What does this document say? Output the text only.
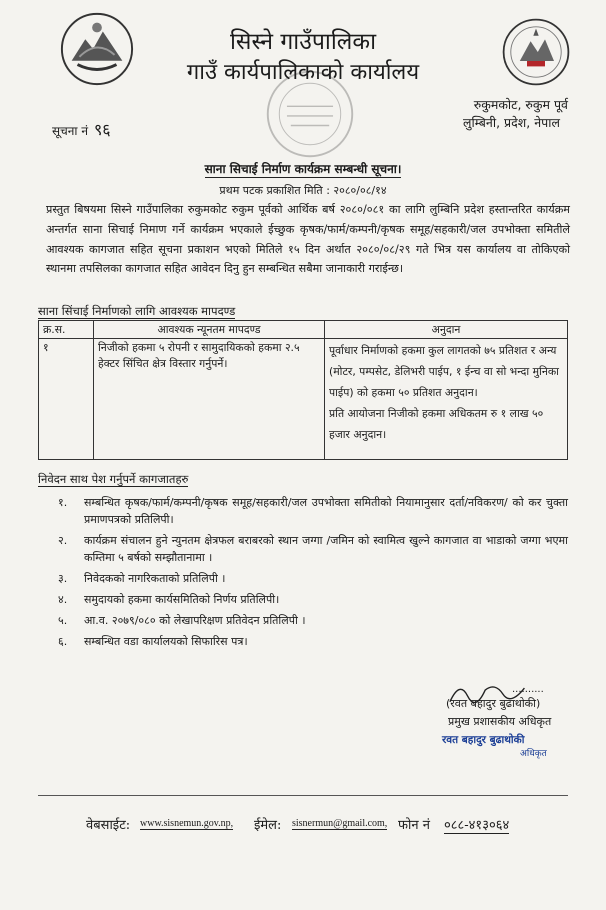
सिस्ने गाउँपालिका
गाउँ कार्यपालिकाको कार्यालय
रुकुमकोट, रुकुम पूर्व
लुम्बिनी, प्रदेश, नेपाल
सूचना नं ९६
साना सिचाई निर्माण कार्यक्रम सम्बन्धी सूचना।
प्रथम पटक प्रकाशित मिति : २०८०/०८/१४
प्रस्तुत बिषयमा सिस्ने गाउँपालिका रुकुमकोट रुकुम पूर्वको आर्थिक बर्ष २०८०/०८१ का लागि लुम्बिनि प्रदेश हस्तान्तरित कार्यक्रम अन्तर्गत साना सिचाई निमाण गर्ने कार्यक्रम भएकाले ईच्छुक कृषक/फार्म/कम्पनी/कृषक समूह/सहकारी/जल उपभोक्ता समितीले आवश्यक कागजात सहित सूचना प्रकाशन भएको मितिले १५ दिन अर्थात २०८०/०८/२९ गते भित्र यस कार्यालय वा तोकिएको स्थानमा तपसिलका कागजात सहित आवेदन दिनु हुन सम्बन्धित सबैमा जानाकारी गराईन्छ।
साना सिंचाई निर्माणको लागि आवश्यक मापदण्ड
क्र.स.	आवश्यक न्यूनतम मापदण्ड	अनुदान
१	निजीको हकमा ५ रोपनी र सामुदायिकको हकमा २.५ हेक्टर सिंचित क्षेत्र विस्तार गर्नुपर्ने।	पूर्वाधार निर्माणको हकमा कुल लागतको ७५ प्रतिशत र अन्य (मोटर, पम्पसेट, डेलिभरी पाईप, १ ईन्च वा सो भन्दा मुनिका पाईप) को हकमा ५० प्रतिशत अनुदान।
प्रति आयोजना निजीको हकमा अधिकतम रु १ लाख ५० हजार अनुदान।
निवेदन साथ पेश गर्नुपर्ने कागजातहरु
१.	सम्बन्धित कृषक/फार्म/कम्पनी/कृषक समूह/सहकारी/जल उपभोक्ता समितीको नियामानुसार दर्ता/नविकरण/ को कर चुक्ता प्रमाणपत्रको प्रतिलिपी।
२.	कार्यक्रम संचालन हुने न्युनतम क्षेत्रफल बराबरको स्थान जग्गा /जमिन को स्वामित्व खुल्ने कागजात वा भाडाको जग्गा भएमा कम्तिमा ५ बर्षको सम्झौतानामा ।
३.	निवेदकको नागरिकताको प्रतिलिपी ।
४.	समुदायको हकमा कार्यसमितिको निर्णय प्रतिलिपी।
५.	आ.व. २०७९/०८० को लेखापरिक्षण प्रतिवेदन प्रतिलिपी ।
६.	सम्बन्धित वडा कार्यालयको सिफारिस पत्र।
..........
(रवत बहादुर बुढाथोकी)
प्रमुख प्रशासकीय अधिकृत
रवत बहादुर बुढाथोकी
अधिकृत
वेबसाईट: www.sisnemun.gov.np, ईमेल: sisnermun@gmail.com, फोन नं ०८८-४१३०६४
